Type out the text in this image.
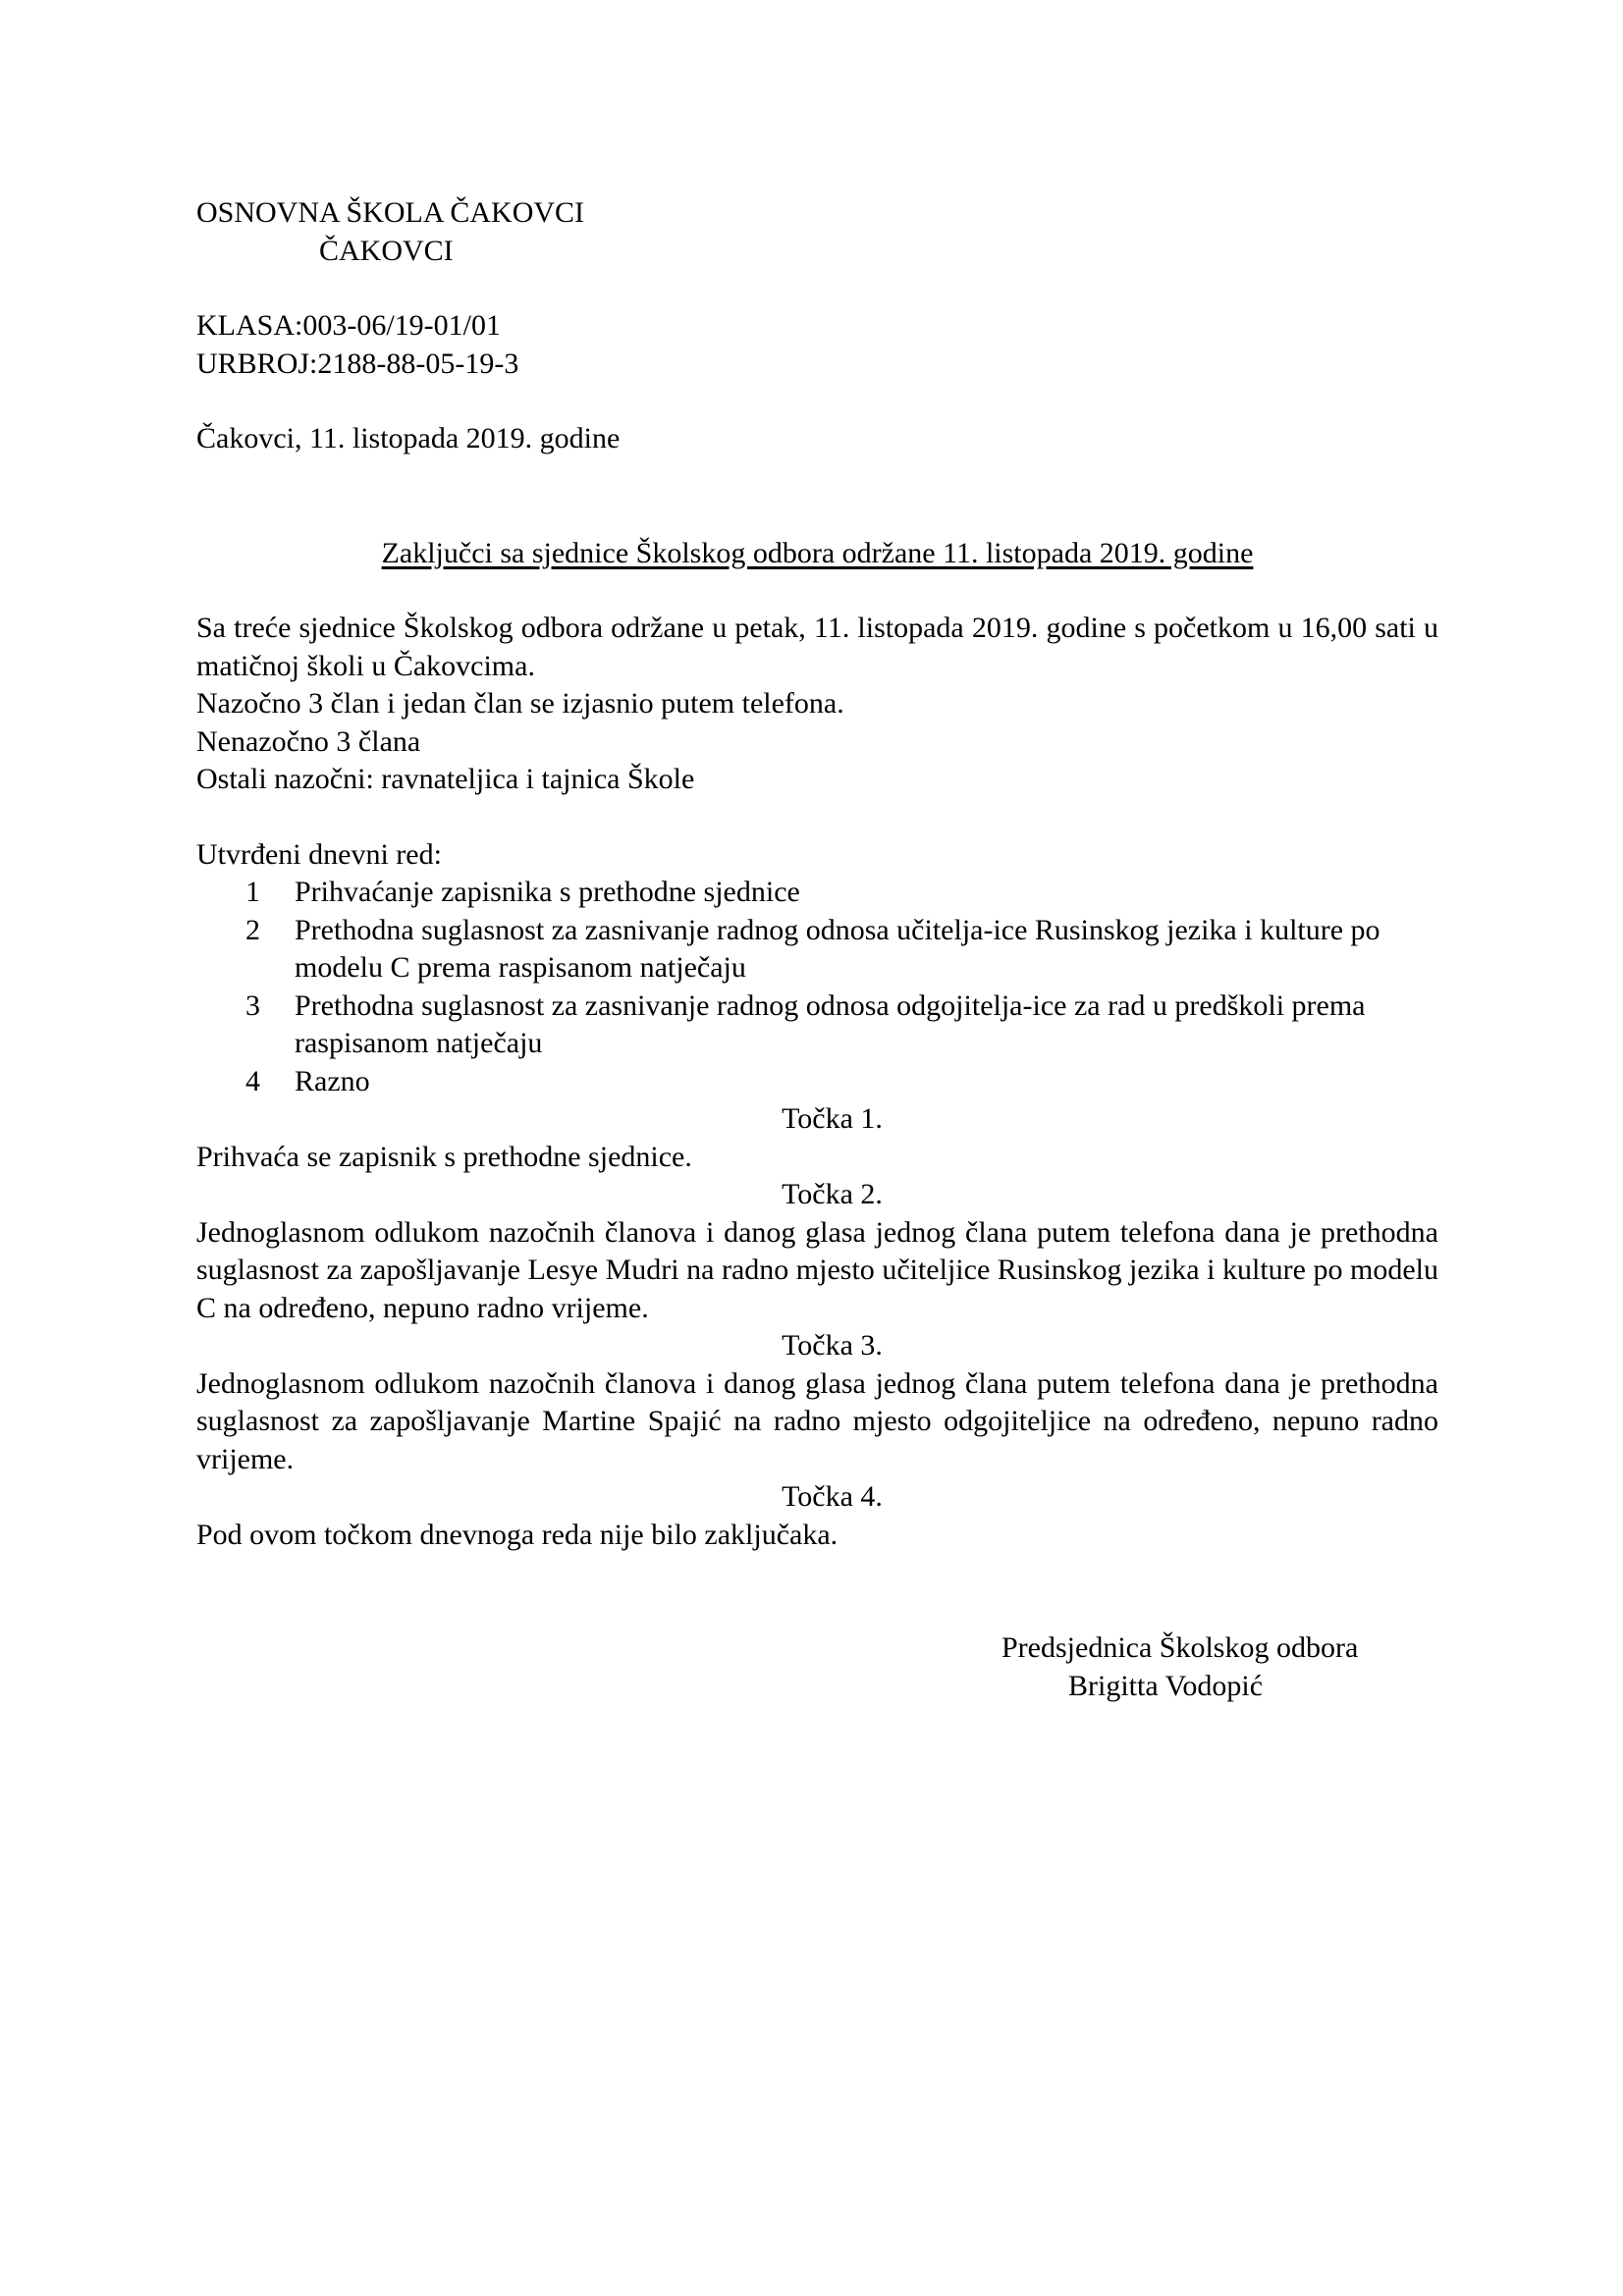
OSNOVNA ŠKOLA ČAKOVCI
ČAKOVCI
KLASA:003-06/19-01/01
URBROJ:2188-88-05-19-3
Čakovci, 11. listopada 2019. godine
Zaključci sa sjednice Školskog odbora održane 11. listopada 2019. godine
Sa treće sjednice Školskog odbora održane u petak, 11. listopada 2019. godine s početkom u 16,00 sati u matičnoj školi u Čakovcima.
Nazočno 3 član i jedan član se izjasnio putem telefona.
Nenazočno 3 člana
Ostali nazočni: ravnateljica i tajnica Škole
Utvrđeni dnevni red:
1	Prihvaćanje zapisnika s prethodne sjednice
2	Prethodna suglasnost za zasnivanje radnog odnosa učitelja-ice Rusinskog jezika i kulture po modelu C prema raspisanom natječaju
3	Prethodna suglasnost za zasnivanje radnog odnosa odgojitelja-ice za rad u predškoli prema raspisanom natječaju
4	Razno
Točka 1.
Prihvaća se zapisnik s prethodne sjednice.
Točka 2.
Jednoglasnom odlukom nazočnih članova i danog glasa jednog člana putem telefona dana je prethodna suglasnost za zapošljavanje Lesye Mudri na radno mjesto učiteljice Rusinskog jezika i kulture po modelu C na određeno, nepuno radno vrijeme.
Točka 3.
Jednoglasnom odlukom nazočnih članova i danog glasa jednog člana putem telefona dana je prethodna suglasnost za zapošljavanje Martine Spajić na radno mjesto odgojiteljice na određeno, nepuno radno vrijeme.
Točka 4.
Pod ovom točkom dnevnoga reda nije bilo zaključaka.
Predsjednica Školskog odbora
Brigitta Vodopić
